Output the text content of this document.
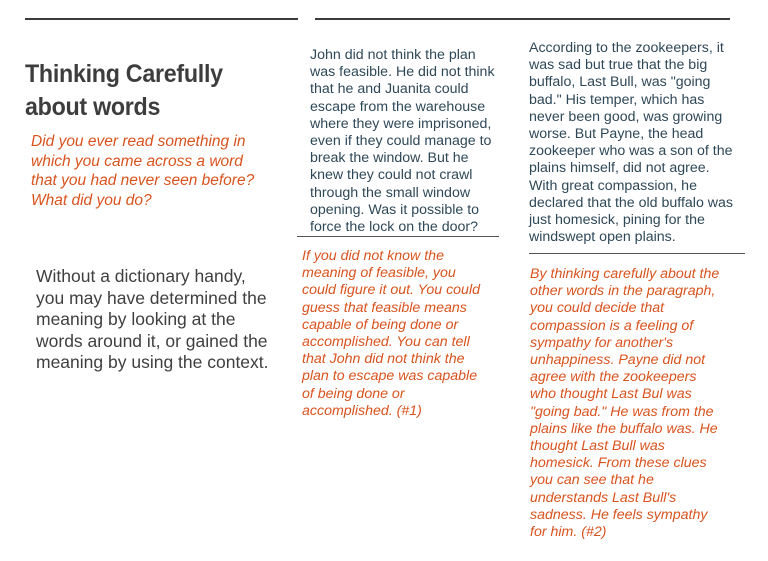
Thinking Carefully
about words
Did you ever read something in which you came across a word that you had never seen before? What did you do?
Without a dictionary handy, you may have determined the meaning by looking at the words around it, or gained the meaning by using the context.
John did not think the plan
was feasible. He did not think
that he and Juanita could
escape from the warehouse
where they were imprisoned,
even if they could manage to
break the window. But he
knew they could not crawl
through the small window
opening. Was it possible to
force the lock on the door?
If you did not know the
meaning of feasible, you
could figure it out. You could
guess that feasible means
capable of being done or
accomplished. You can tell
that John did not think the
plan to escape was capable
of being done or
accomplished. (#1)
According to the zookeepers, it
was sad but true that the big
buffalo, Last Bull, was "going
bad." His temper, which has
never been good, was growing
worse. But Payne, the head
zookeeper who was a son of the
plains himself, did not agree.
With great compassion, he
declared that the old buffalo was
just homesick, pining for the
windswept open plains.
By thinking carefully about the
other words in the paragraph,
you could decide that
compassion is a feeling of
sympathy for another's
unhappiness. Payne did not
agree with the zookeepers
who thought Last Bul was
"going bad." He was from the
plains like the buffalo was. He
thought Last Bull was
homesick. From these clues
you can see that he
understands Last Bull's
sadness. He feels sympathy
for him. (#2)
